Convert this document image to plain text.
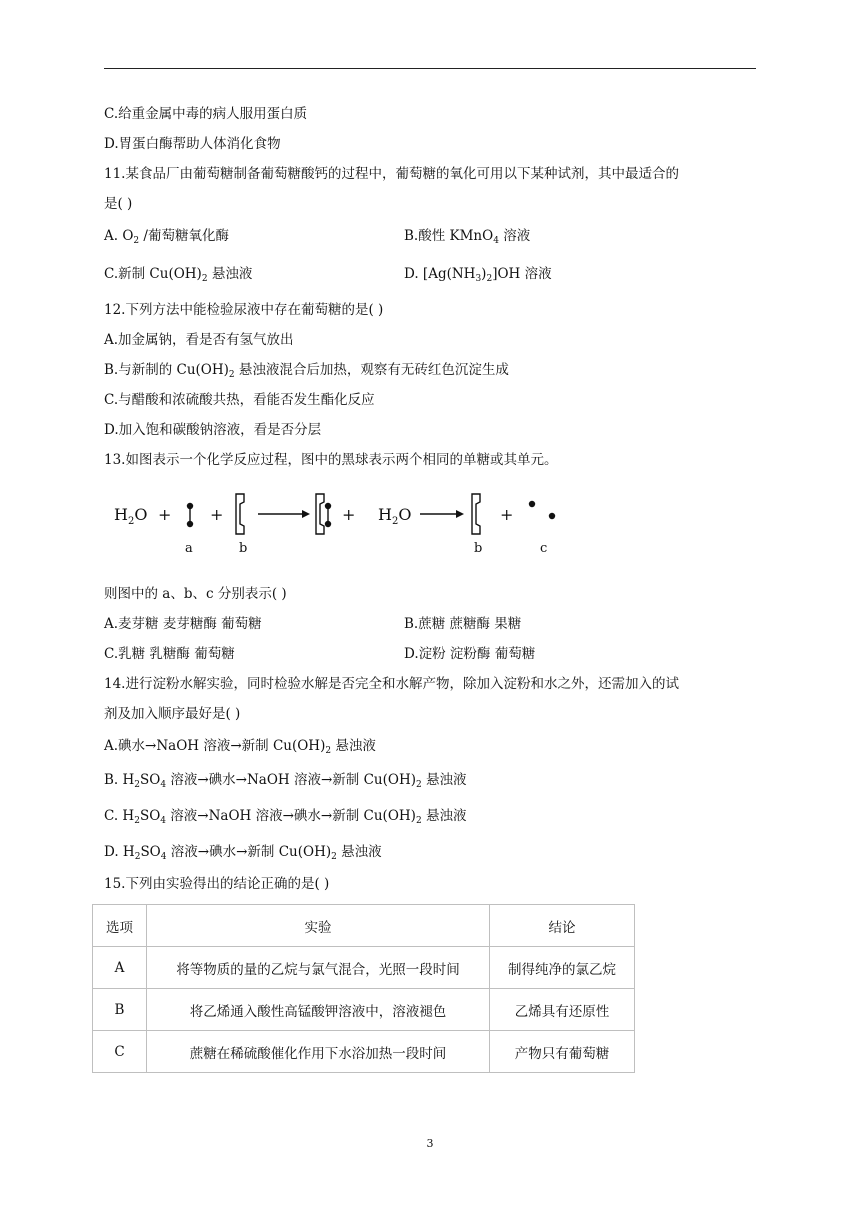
C.给重金属中毒的病人服用蛋白质
D.胃蛋白酶帮助人体消化食物
11.某食品厂由葡萄糖制备葡萄糖酸钙的过程中，葡萄糖的氧化可用以下某种试剂，其中最适合的
是( )
A. $O_2$ /葡萄糖氧化酶	B.酸性 KMnO$_4$ 溶液
C.新制 $Cu(OH)_2$ 悬浊液	D. $[Ag(NH_3)_2]OH$ 溶液
12.下列方法中能检验尿液中存在葡萄糖的是( )
A.加金属钠，看是否有氢气放出
B.与新制的 $Cu(OH)_2$ 悬浊液混合后加热，观察有无砖红色沉淀生成
C.与醋酸和浓硫酸共热，看能否发生酯化反应
D.加入饱和碳酸钠溶液，看是否分层
13.如图表示一个化学反应过程，图中的黑球表示两个相同的单糖或其单元。
$H_2O$ + +	+ $H_2O$	+
a	b	b	c
则图中的 a、b、c 分别表示( )
A.麦芽糖 麦芽糖酶 葡萄糖	B.蔗糖 蔗糖酶 果糖
C.乳糖 乳糖酶 葡萄糖	D.淀粉 淀粉酶 葡萄糖
14.进行淀粉水解实验，同时检验水解是否完全和水解产物，除加入淀粉和水之外，还需加入的试
剂及加入顺序最好是( )
A.碘水→NaOH 溶液→新制 $Cu(OH)_2$ 悬浊液
B. $H_2SO_4$ 溶液→碘水→NaOH 溶液→新制 $Cu(OH)_2$ 悬浊液
C. $H_2SO_4$ 溶液→NaOH 溶液→碘水→新制 $Cu(OH)_2$ 悬浊液
D. $H_2SO_4$ 溶液→碘水→新制 $Cu(OH)_2$ 悬浊液
15.下列由实验得出的结论正确的是( )
选项	实验	结论
A	将等物质的量的乙烷与氯气混合，光照一段时间	制得纯净的氯乙烷
B	将乙烯通入酸性高锰酸钾溶液中，溶液褪色	乙烯具有还原性
C	蔗糖在稀硫酸催化作用下水浴加热一段时间	产物只有葡萄糖
3
